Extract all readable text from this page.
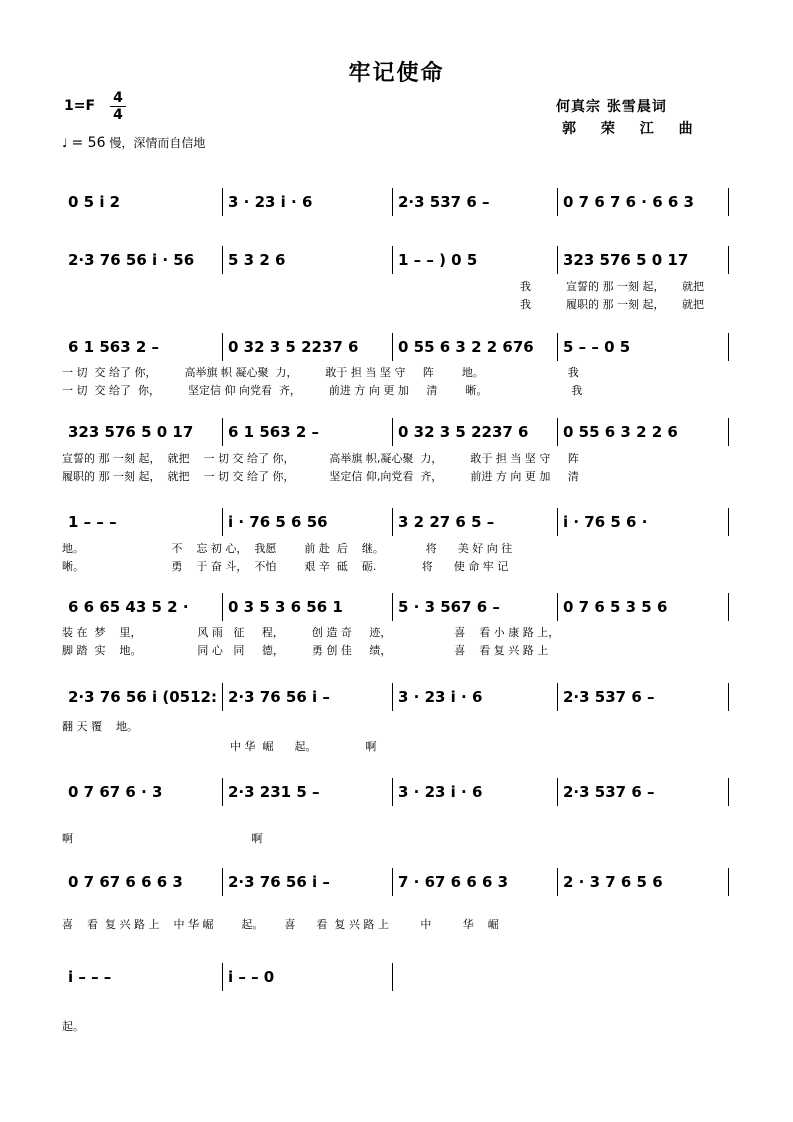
牢记使命
1=F 4
4
♩ = 56 慢，深情而自信地
何真宗 张雪晨词
郭 荣 江 曲
0 5 i 2	3 · 23 i · 6	2·3 537 6 –	0 7 6 7 6 · 6 6 3
2·3 76 56 i · 56	5 3 2 6	1 – – ) 0 5	323 576 5 0 17
6 1 563 2 –	0 32 3 5 2237 6	0 55 6 3 2 2 676	5 – – 0 5
323 576 5 0 17	6 1 563 2 –	0 32 3 5 2237 6	0 55 6 3 2 2 6
1 – – –	i · 76 5 6 56	3 2 27 6 5 –	i · 76 5 6 ·
6 6 65 43 5 2 ·	0 3 5 3 6 56 1	5 · 3 567 6 –	0 7 6 5 3 5 6
2·3 76 56 i (0512: 2·3 76 56 i –	3 · 23 i · 6	2·3 537 6 –
0 7 67 6 · 3	2·3 231 5 –	3 · 23 i · 6	2·3 537 6 –
0 7 67 6 6 6 3	2·3 76 56 i –	7 · 67 6 6 6 3	2 · 3 7 6 5 6
i – – –	i – – 0
我          宣誓的 那 一刻 起，     就把
我          履职的 那 一刻 起，     就把
一 切  交 给了 你，        高举旗 帜 凝心聚  力，        敢于 担 当 坚 守     阵        地。                        我
一 切  交 给了  你，        坚定信 仰 向党看  齐，        前进 方 向 更 加     清        晰。                        我
宣誓的 那 一刻 起，  就把    一 切 交 给了 你，          高举旗 帜,凝心聚  力，        敢于 担 当 坚 守     阵
履职的 那 一刻 起，  就把    一 切 交 给了 你，          坚定信 仰,向党看  齐，        前进 方 向 更 加     清
地。                         不    忘 初 心，  我愿        前 赴  后    继。            将      美 好 向 往
晰。                         勇    于 奋 斗，  不怕        艰 辛  砥    砺.             将      使 命 牢 记
装 在  梦    里，                风 雨   征     程，        创 造 奇     迹，                  喜    看 小 康 路 上，
脚 踏  实    地。                同 心   同     德，        勇 创 佳     绩，                  喜    看 复 兴 路 上
翻 天 覆    地。
中 华  崛      起。              啊
啊                                                   啊
喜    看  复 兴 路 上    中 华 崛        起。      喜      看  复 兴 路 上         中         华    崛
起。
